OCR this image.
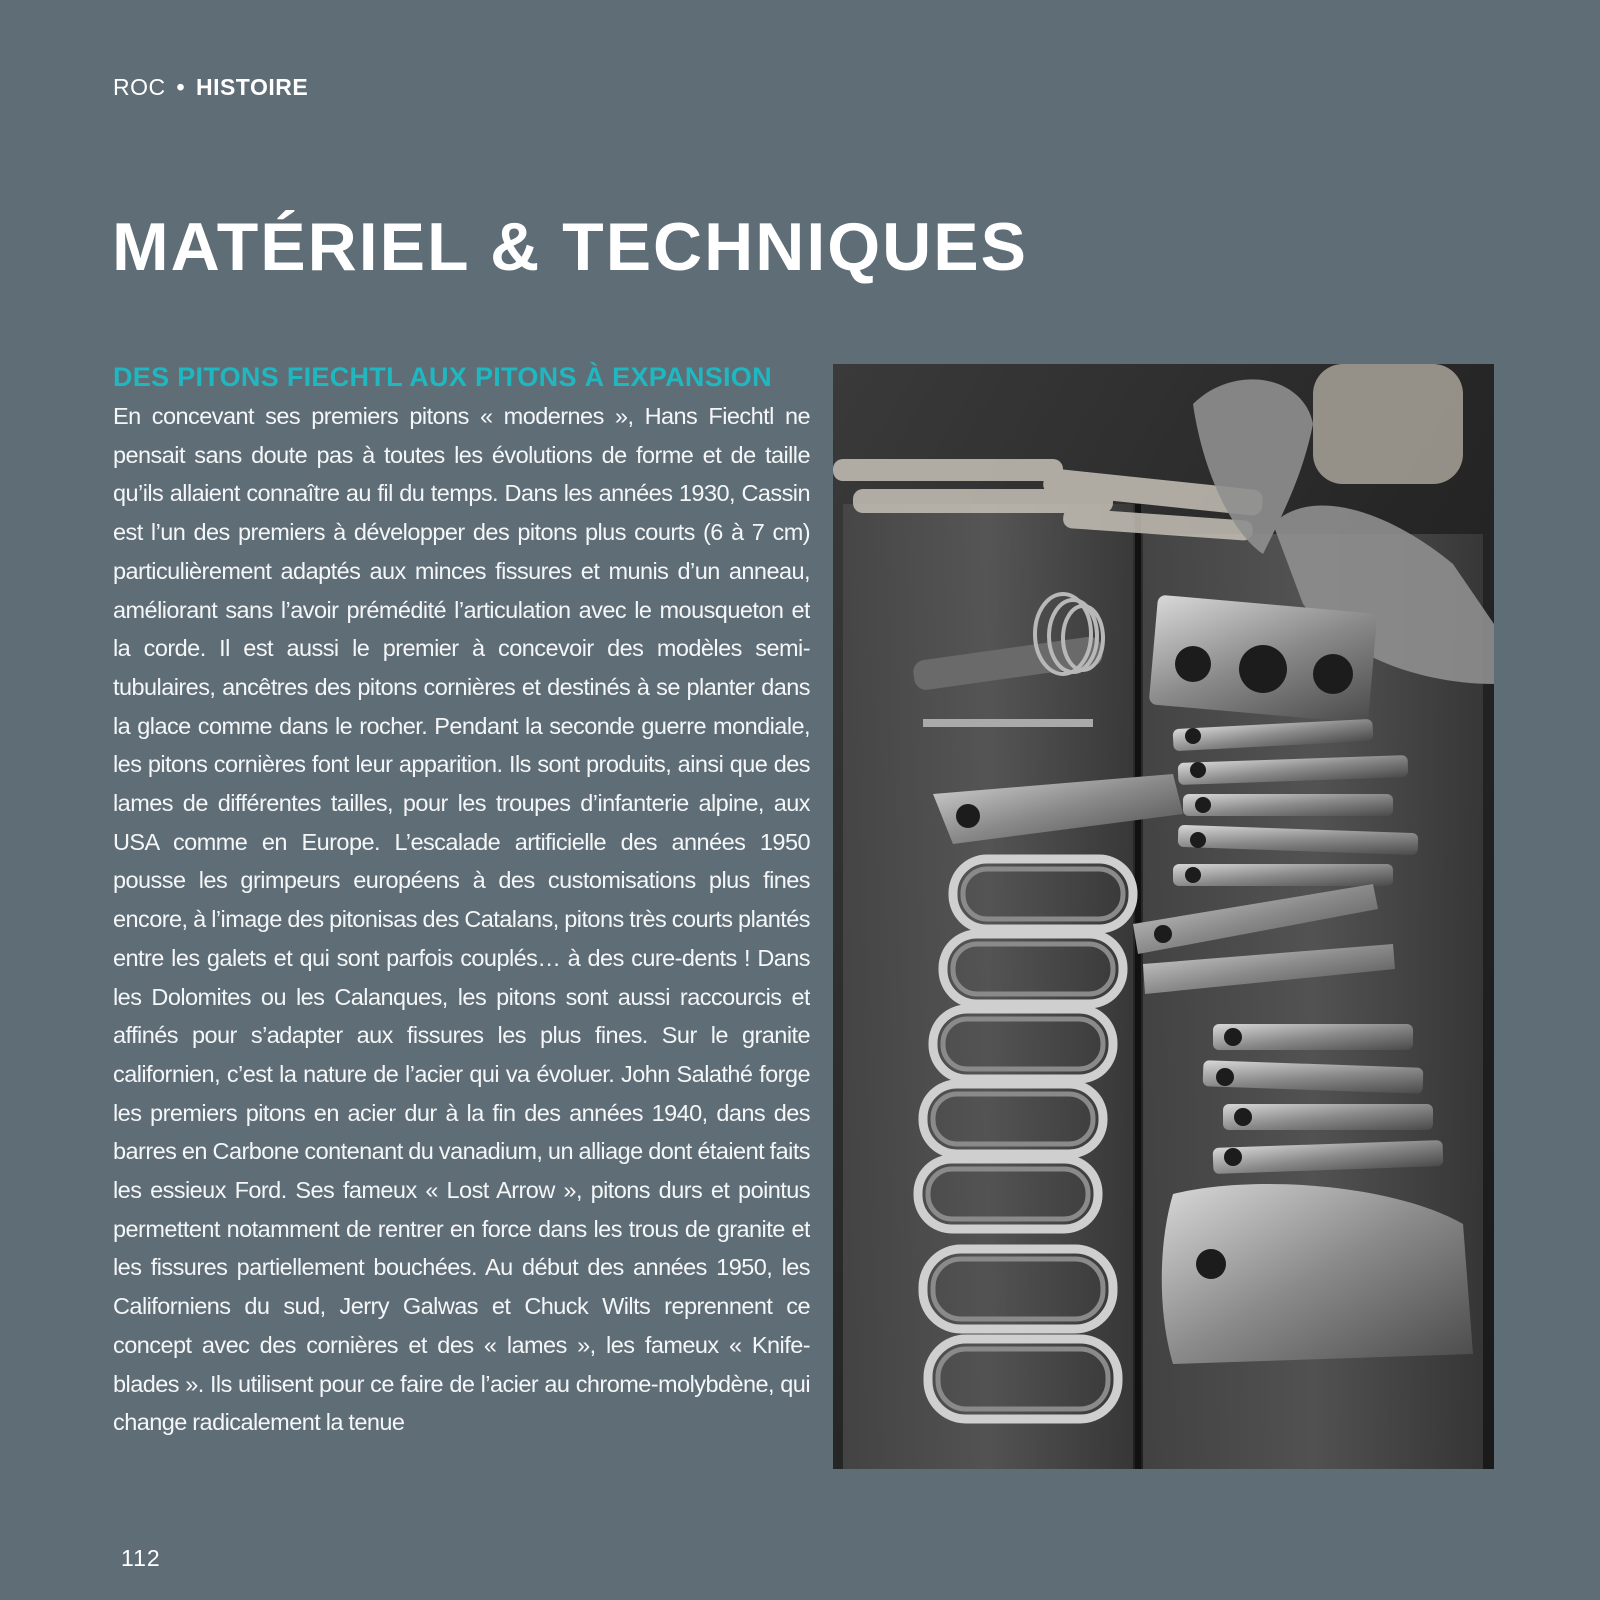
ROC • HISTOIRE
MATÉRIEL & TECHNIQUES
DES PITONS FIECHTL AUX PITONS À EXPANSION

En concevant ses premiers pitons « modernes », Hans Fiechtl ne pensait sans doute pas à toutes les évolutions de forme et de taille qu’ils allaient connaître au fil du temps. Dans les années 1930, Cassin est l’un des premiers à développer des pitons plus courts (6 à 7 cm) particulièrement adaptés aux minces fissures et munis d’un anneau, améliorant sans l’avoir prémédité l’articulation avec le mousqueton et la corde. Il est aussi le premier à concevoir des modèles semi-tubulaires, ancêtres des pitons cornières et destinés à se planter dans la glace comme dans le rocher. Pendant la seconde guerre mondiale, les pitons cornières font leur apparition. Ils sont produits, ainsi que des lames de différentes tailles, pour les troupes d’infanterie alpine, aux USA comme en Europe. L’escalade artificielle des années 1950 pousse les grimpeurs européens à des customisations plus fines encore, à l’image des pitonisas des Catalans, pitons très courts plantés entre les galets et qui sont parfois couplés… à des cure-dents ! Dans les Dolomites ou les Calanques, les pitons sont aussi raccourcis et affinés pour s’adapter aux fissures les plus fines. Sur le granite californien, c’est la nature de l’acier qui va évoluer. John Salathé forge les premiers pitons en acier dur à la fin des années 1940, dans des barres en Carbone contenant du vanadium, un alliage dont étaient faits les essieux Ford. Ses fameux « Lost Arrow », pitons durs et pointus permettent notamment de rentrer en force dans les trous de granite et les fissures partiellement bouchées. Au début des années 1950, les Californiens du sud, Jerry Galwas et Chuck Wilts reprennent ce concept avec des cornières et des « lames », les fameux « Knife-blades ». Ils utilisent pour ce faire de l’acier au chrome-molybdène, qui change radicalement la tenue

112
